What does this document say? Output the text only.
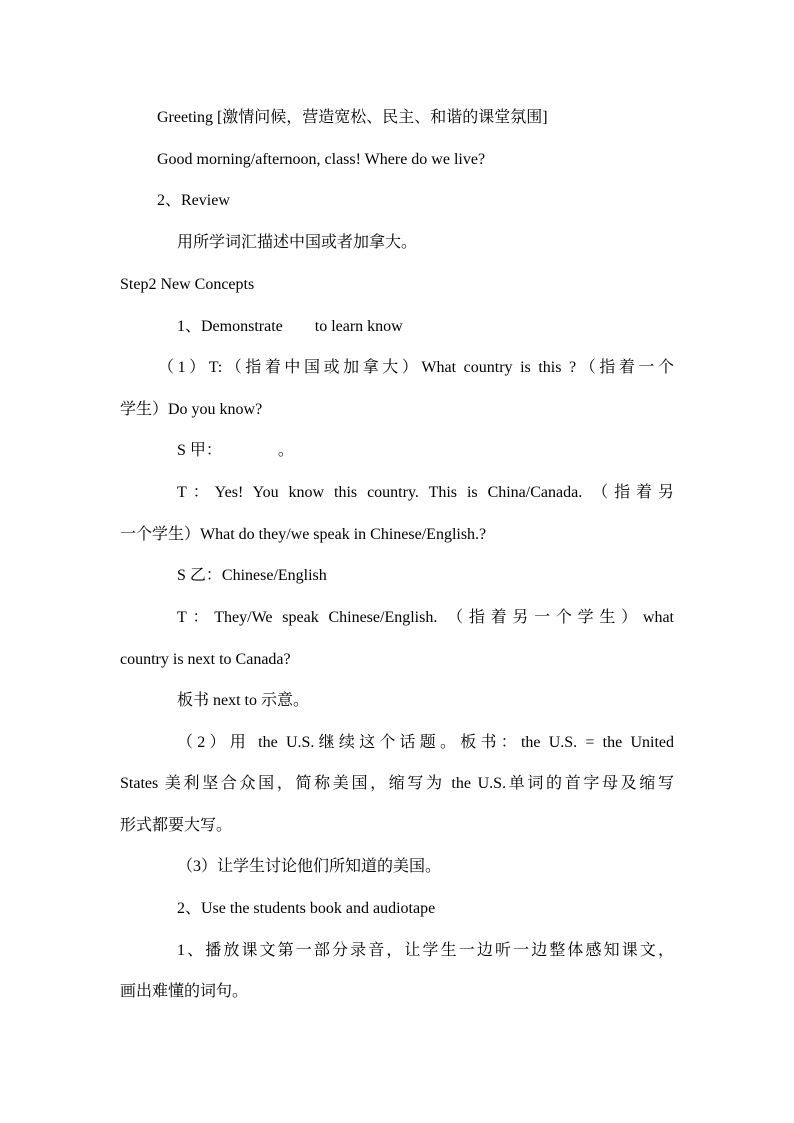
Greeting [激情问候，营造宽松、民主、和谐的课堂氛围]
Good morning/afternoon, class! Where do we live?
2、Review
用所学词汇描述中国或者加拿大。
Step2 New Concepts
1、Demonstrate        to learn know
（1）T:（指着中国或加拿大）What country is this ?（指着一个
学生）Do you know?
S 甲：              。
T：Yes! You know this country. This is China/Canada. （指着另
一个学生）What do they/we speak in Chinese/English.?
S 乙：Chinese/English
T：They/We speak Chinese/English. （指着另一个学生）what
country is next to Canada?
板书 next to 示意。
（2）用 the U.S.继续这个话题。板书：the U.S. = the United
States 美利坚合众国，简称美国，缩写为 the U.S.单词的首字母及缩写
形式都要大写。
（3）让学生讨论他们所知道的美国。
2、Use the students book and audiotape
1、播放课文第一部分录音，让学生一边听一边整体感知课文，
画出难懂的词句。
